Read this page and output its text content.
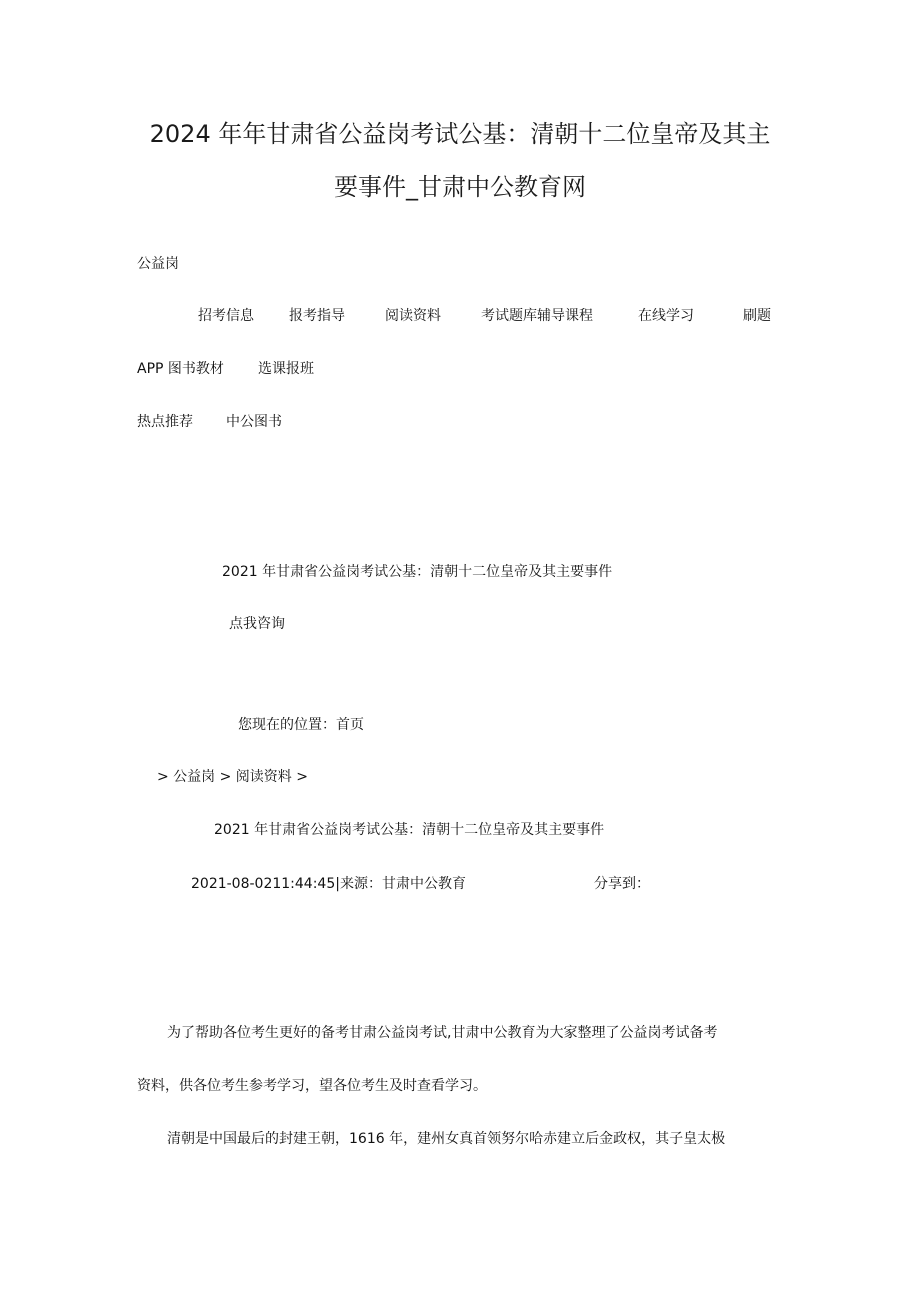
2024 年年甘肃省公益岗考试公基：清朝十二位皇帝及其主
要事件_甘肃中公教育网
公益岗
招考信息	报考指导	阅读资料	考试题库辅导课程	在线学习	刷题
APP 图书教材 选课报班
热点推荐 中公图书
2021 年甘肃省公益岗考试公基：清朝十二位皇帝及其主要事件
点我咨询
您现在的位置：首页
> 公益岗 > 阅读资料 >
2021 年甘肃省公益岗考试公基：清朝十二位皇帝及其主要事件
2021-08-0211:44:45|来源：甘肃中公教育	分享到：
为了帮助各位考生更好的备考甘肃公益岗考试,甘肃中公教育为大家整理了公益岗考试备考
资料，供各位考生参考学习，望各位考生及时查看学习。
清朝是中国最后的封建王朝，1616 年，建州女真首领努尔哈赤建立后金政权，其子皇太极
